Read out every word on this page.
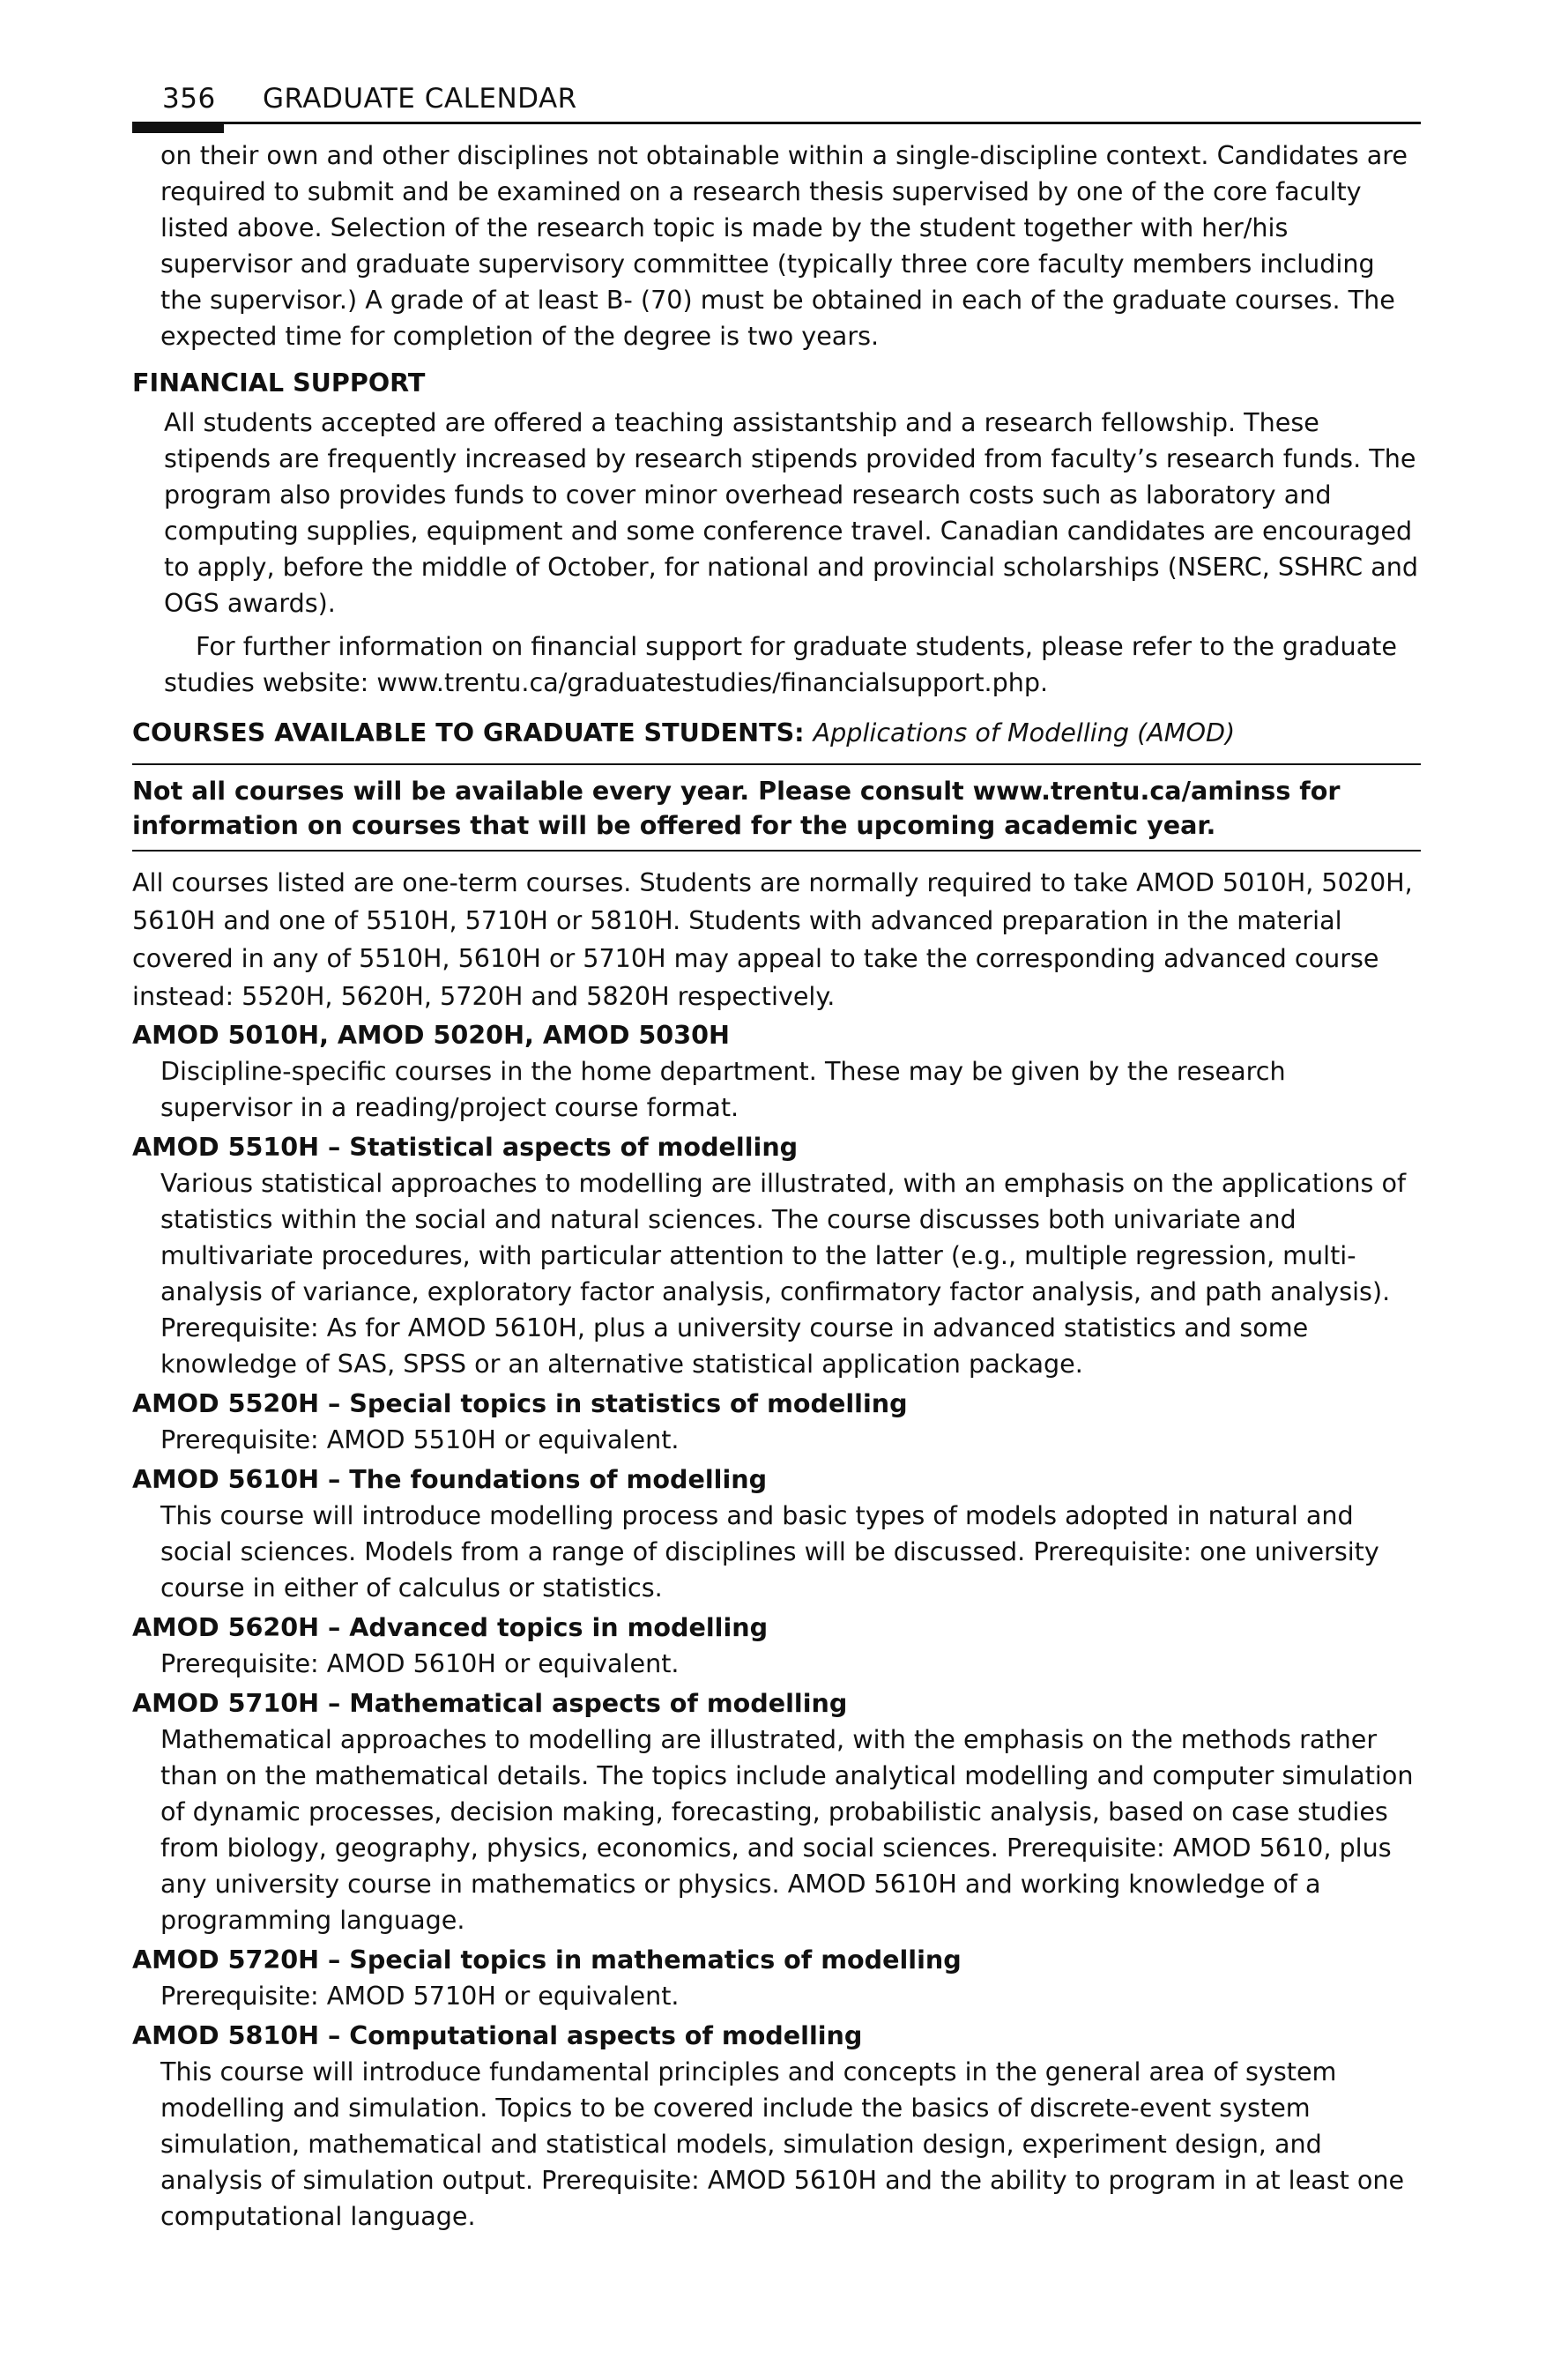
356 GRADUATE CALENDAR

on their own and other disciplines not obtainable within a single-discipline context. Candidates are required to submit and be examined on a research thesis supervised by one of the core faculty listed above. Selection of the research topic is made by the student together with her/his supervisor and graduate supervisory committee (typically three core faculty members including the supervisor.) A grade of at least B- (70) must be obtained in each of the graduate courses. The expected time for completion of the degree is two years.

FINANCIAL SUPPORT

All students accepted are offered a teaching assistantship and a research fellowship. These stipends are frequently increased by research stipends provided from faculty’s research funds. The program also provides funds to cover minor overhead research costs such as laboratory and computing supplies, equipment and some conference travel. Canadian candidates are encouraged to apply, before the middle of October, for national and provincial scholarships (NSERC, SSHRC and OGS awards).

For further information on financial support for graduate students, please refer to the graduate studies website: www.trentu.ca/graduatestudies/financialsupport.php.

COURSES AVAILABLE TO GRADUATE STUDENTS: Applications of Modelling (AMOD)

Not all courses will be available every year. Please consult www.trentu.ca/aminss for information on courses that will be offered for the upcoming academic year.

All courses listed are one-term courses. Students are normally required to take AMOD 5010H, 5020H, 5610H and one of 5510H, 5710H or 5810H. Students with advanced preparation in the material covered in any of 5510H, 5610H or 5710H may appeal to take the corresponding advanced course instead: 5520H, 5620H, 5720H and 5820H respectively.

AMOD 5010H, AMOD 5020H, AMOD 5030H

Discipline-specific courses in the home department. These may be given by the research supervisor in a reading/project course format.

AMOD 5510H – Statistical aspects of modelling

Various statistical approaches to modelling are illustrated, with an emphasis on the applications of statistics within the social and natural sciences. The course discusses both univariate and multivariate procedures, with particular attention to the latter (e.g., multiple regression, multi-analysis of variance, exploratory factor analysis, confirmatory factor analysis, and path analysis). Prerequisite: As for AMOD 5610H, plus a university course in advanced statistics and some knowledge of SAS, SPSS or an alternative statistical application package.

AMOD 5520H – Special topics in statistics of modelling

Prerequisite: AMOD 5510H or equivalent.

AMOD 5610H – The foundations of modelling

This course will introduce modelling process and basic types of models adopted in natural and social sciences. Models from a range of disciplines will be discussed. Prerequisite: one university course in either of calculus or statistics.

AMOD 5620H – Advanced topics in modelling

Prerequisite: AMOD 5610H or equivalent.

AMOD 5710H – Mathematical aspects of modelling

Mathematical approaches to modelling are illustrated, with the emphasis on the methods rather than on the mathematical details. The topics include analytical modelling and computer simulation of dynamic processes, decision making, forecasting, probabilistic analysis, based on case studies from biology, geography, physics, economics, and social sciences. Prerequisite: AMOD 5610, plus any university course in mathematics or physics. AMOD 5610H and working knowledge of a programming language.

AMOD 5720H – Special topics in mathematics of modelling

Prerequisite: AMOD 5710H or equivalent.

AMOD 5810H – Computational aspects of modelling

This course will introduce fundamental principles and concepts in the general area of system modelling and simulation. Topics to be covered include the basics of discrete-event system simulation, mathematical and statistical models, simulation design, experiment design, and analysis of simulation output. Prerequisite: AMOD 5610H and the ability to program in at least one computational language.
